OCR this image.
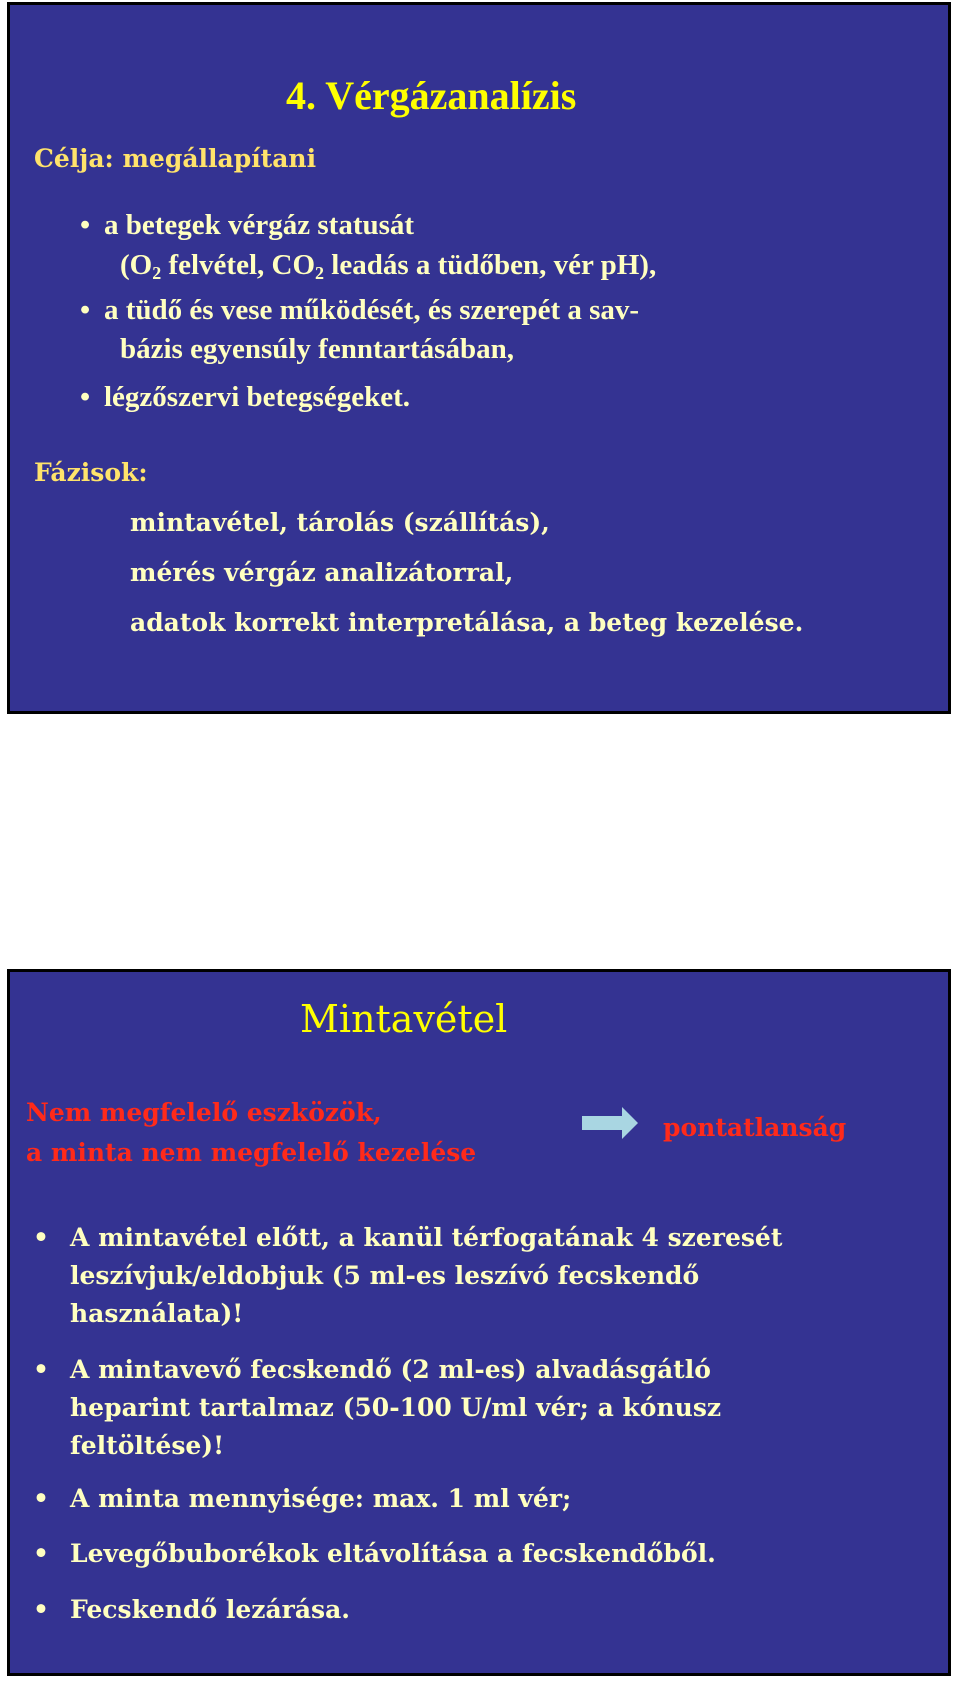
4. Vérgázanalízis
Célja: megállapítani
• a betegek vérgáz statusát
($O_2$ felvétel, $CO_2$ leadás a tüdőben, vér pH),
• a tüdő és vese működését, és szerepét a sav-
bázis egyensúly fenntartásában,
• légzőszervi betegségeket.
Fázisok:
mintavétel, tárolás (szállítás),
mérés vérgáz analizátorral,
adatok korrekt interpretálása, a beteg kezelése.
Mintavétel
Nem megfelelő eszközök,
a minta nem megfelelő kezelése
pontatlanság
• A mintavétel előtt, a kanül térfogatának 4 szeresét
leszívjuk/eldobjuk (5 ml-es leszívó fecskendő
használata)!
• A mintavevő fecskendő (2 ml-es) alvadásgátló
heparint tartalmaz (50-100 U/ml vér; a kónusz
feltöltése)!
• A minta mennyisége: max. 1 ml vér;
• Levegőbuborékok eltávolítása a fecskendőből.
• Fecskendő lezárása.
